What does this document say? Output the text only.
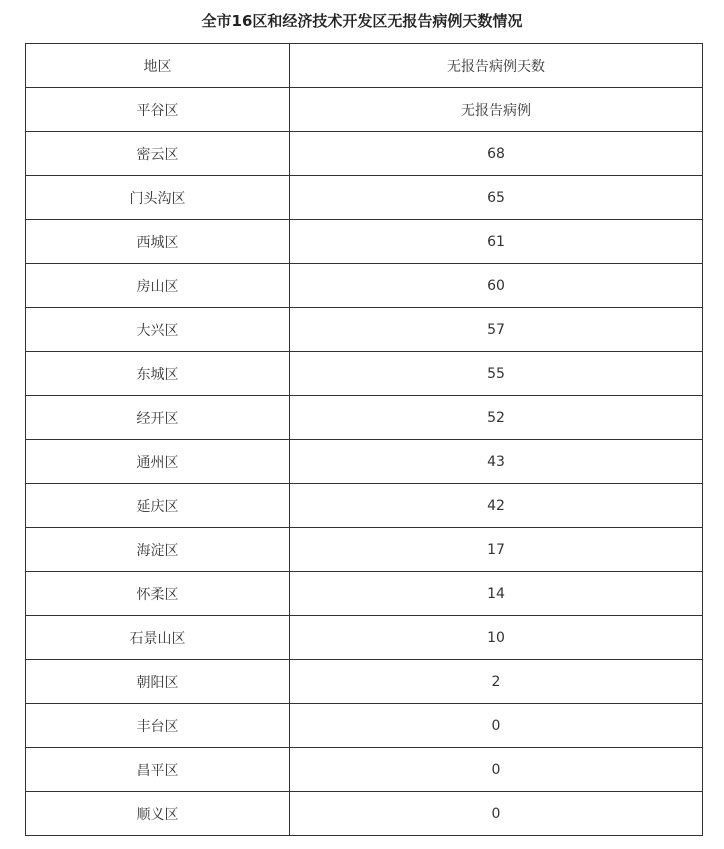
全市16区和经济技术开发区无报告病例天数情况
地区	无报告病例天数
平谷区	无报告病例
密云区	68
门头沟区	65
西城区	61
房山区	60
大兴区	57
东城区	55
经开区	52
通州区	43
延庆区	42
海淀区	17
怀柔区	14
石景山区	10
朝阳区	2
丰台区	0
昌平区	0
顺义区	0
